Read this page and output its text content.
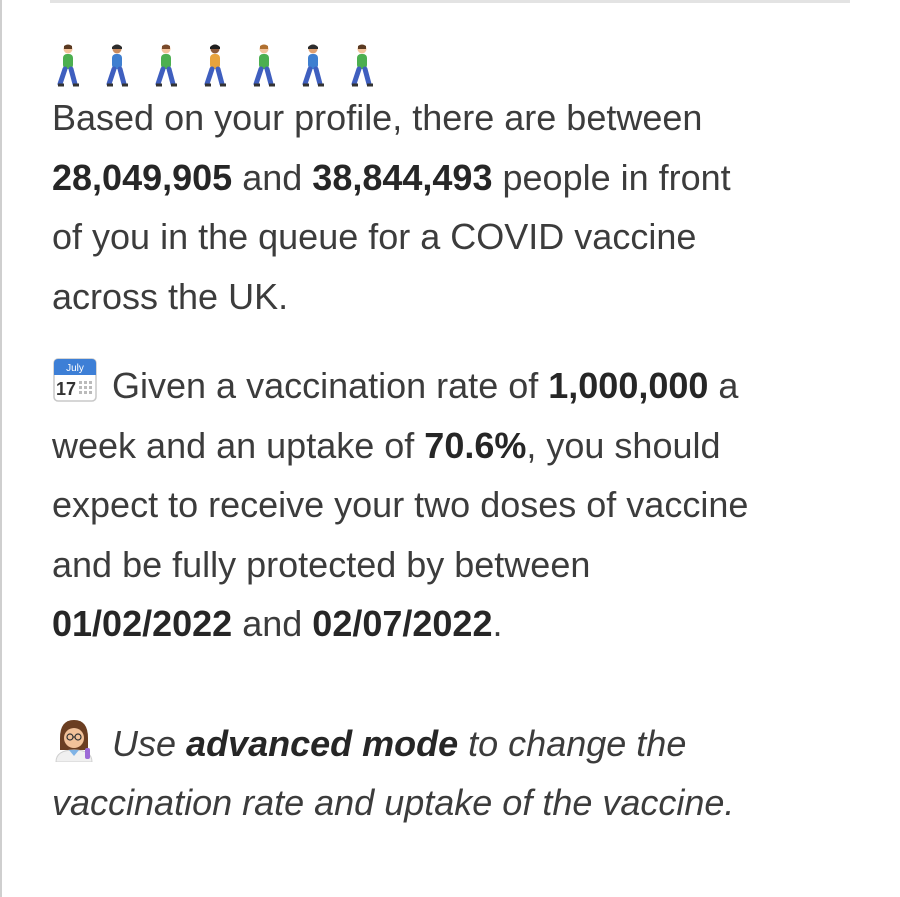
Based on your profile, there are between
28,049,905 and 38,844,493 people in front
of you in the queue for a COVID vaccine
across the UK.
July
17 Given a vaccination rate of 1,000,000 a
week and an uptake of 70.6%, you should
expect to receive your two doses of vaccine
and be fully protected by between
01/02/2022 and 02/07/2022.
Use advanced mode to change the
vaccination rate and uptake of the vaccine.
